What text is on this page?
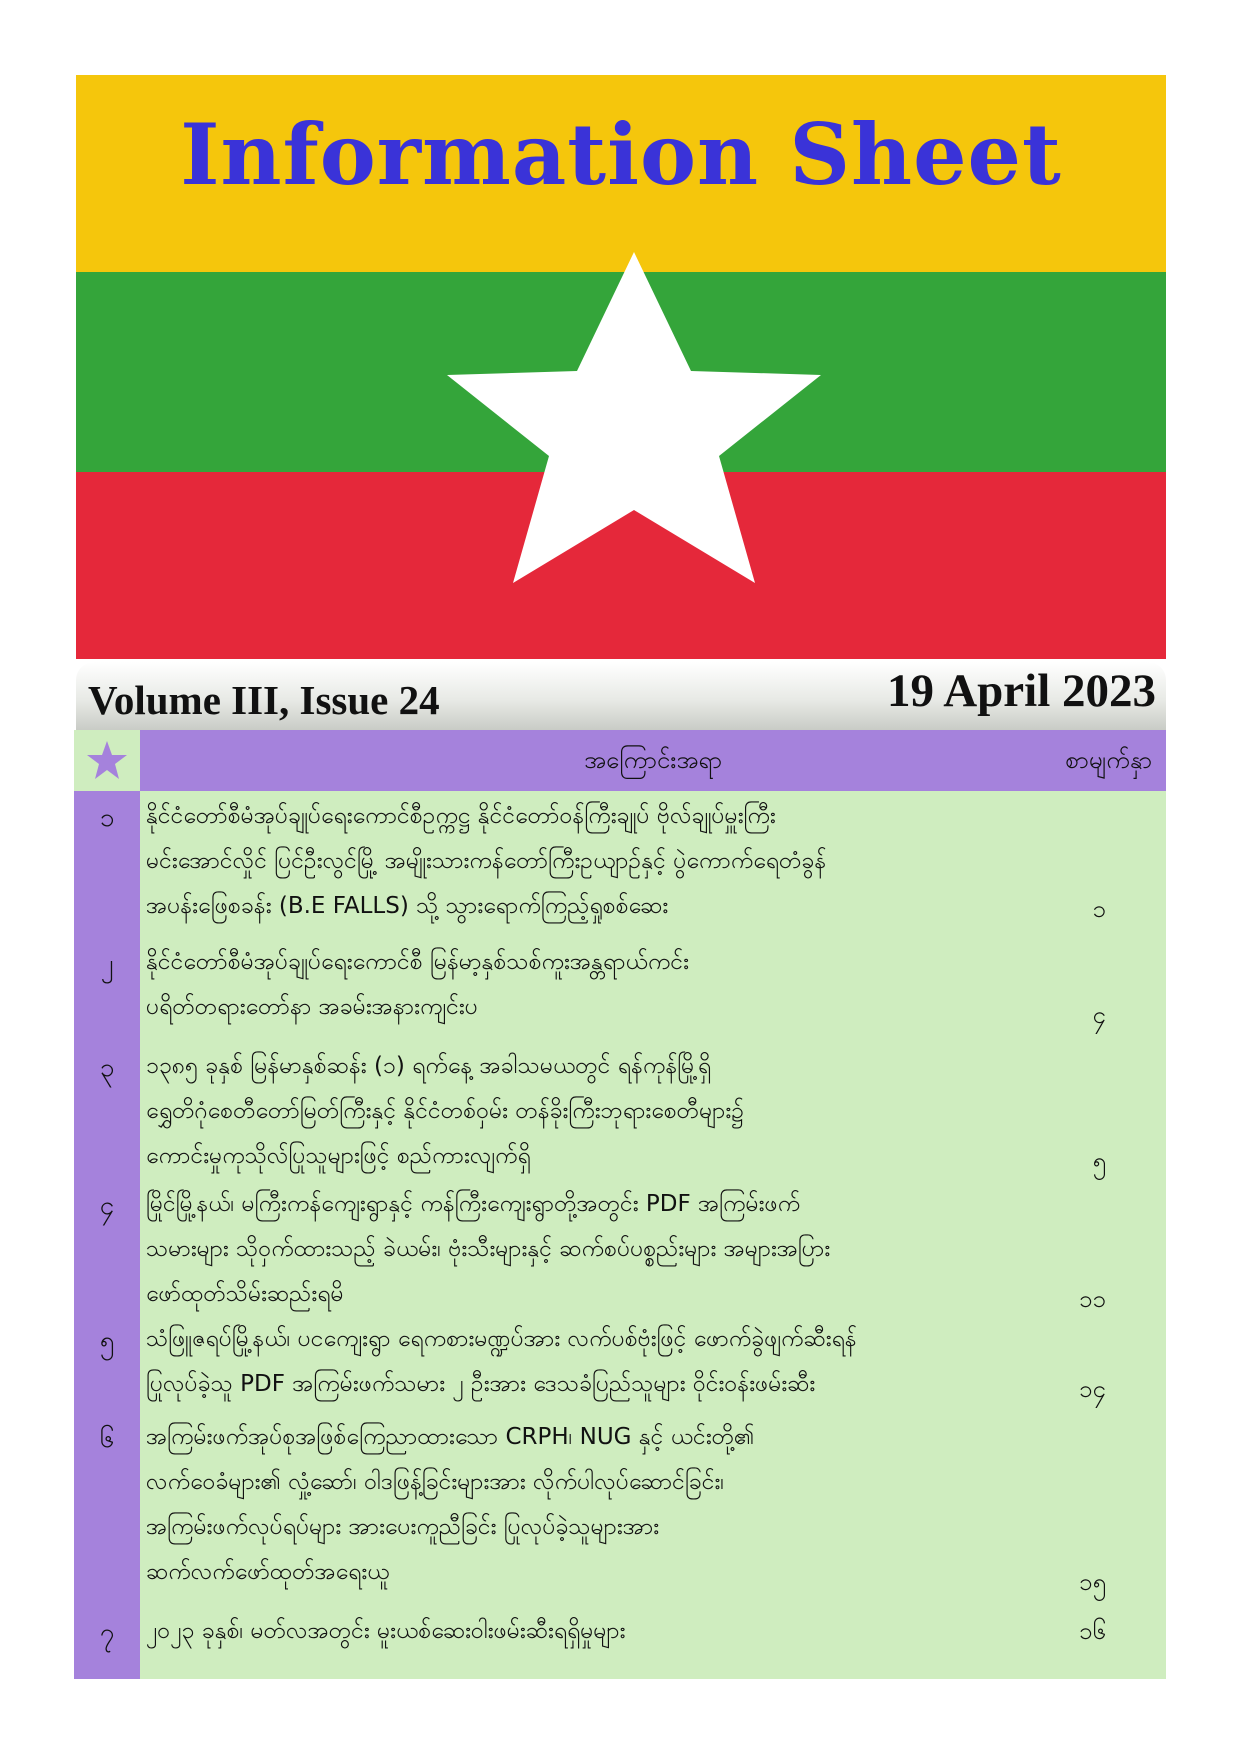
Information Sheet
Volume III, Issue 24	19 April 2023
အကြောင်းအရာ	စာမျက်နှာ
၁	နိုင်ငံတော်စီမံအုပ်ချုပ်ရေးကောင်စီဥက္ကဋ္ဌ နိုင်ငံတော်ဝန်ကြီးချုပ် ဗိုလ်ချုပ်မှူးကြီး
မင်းအောင်လှိုင် ပြင်ဦးလွင်မြို့ အမျိုးသားကန်တော်ကြီးဥယျာဉ်နှင့် ပွဲကောက်ရေတံခွန်
အပန်းဖြေစခန်း (B.E FALLS) သို့ သွားရောက်ကြည့်ရှုစစ်ဆေး	၁
၂	နိုင်ငံတော်စီမံအုပ်ချုပ်ရေးကောင်စီ မြန်မာ့နှစ်သစ်ကူးအန္တရာယ်ကင်း
ပရိတ်တရားတော်နာ အခမ်းအနားကျင်းပ	၄
၃	၁၃၈၅ ခုနှစ် မြန်မာနှစ်ဆန်း (၁) ရက်နေ့ အခါသမယတွင် ရန်ကုန်မြို့ရှိ
ရွှေတိဂုံစေတီတော်မြတ်ကြီးနှင့် နိုင်ငံတစ်ဝှမ်း တန်ခိုးကြီးဘုရားစေတီများ၌
ကောင်းမှုကုသိုလ်ပြုသူများဖြင့် စည်ကားလျက်ရှိ	၅
၄	မြိုင်မြို့နယ်၊ မကြီးကန်ကျေးရွာနှင့် ကန်ကြီးကျေးရွာတို့အတွင်း PDF အကြမ်းဖက်
သမားများ သိုဝှက်ထားသည့် ခဲယမ်း၊ ဗုံးသီးများနှင့် ဆက်စပ်ပစ္စည်းများ အများအပြား
ဖော်ထုတ်သိမ်းဆည်းရမိ	၁၁
၅	သံဖြူဇရပ်မြို့နယ်၊ ပငကျေးရွာ ရေကစားမဏ္ဍပ်အား လက်ပစ်ဗုံးဖြင့် ဖောက်ခွဲဖျက်ဆီးရန်
ပြုလုပ်ခဲ့သူ PDF အကြမ်းဖက်သမား ၂ ဦးအား ဒေသခံပြည်သူများ ဝိုင်းဝန်းဖမ်းဆီး	၁၄
၆	အကြမ်းဖက်အုပ်စုအဖြစ်ကြေညာထားသော CRPH၊ NUG နှင့် ယင်းတို့၏
လက်ဝေခံများ၏ လှုံ့ဆော်၊ ဝါဒဖြန့်ခြင်းများအား လိုက်ပါလုပ်ဆောင်ခြင်း၊
အကြမ်းဖက်လုပ်ရပ်များ အားပေးကူညီခြင်း ပြုလုပ်ခဲ့သူများအား
ဆက်လက်ဖော်ထုတ်အရေးယူ	၁၅
၇	၂၀၂၃ ခုနှစ်၊ မတ်လအတွင်း မူးယစ်ဆေးဝါးဖမ်းဆီးရရှိမှုများ	၁၆
